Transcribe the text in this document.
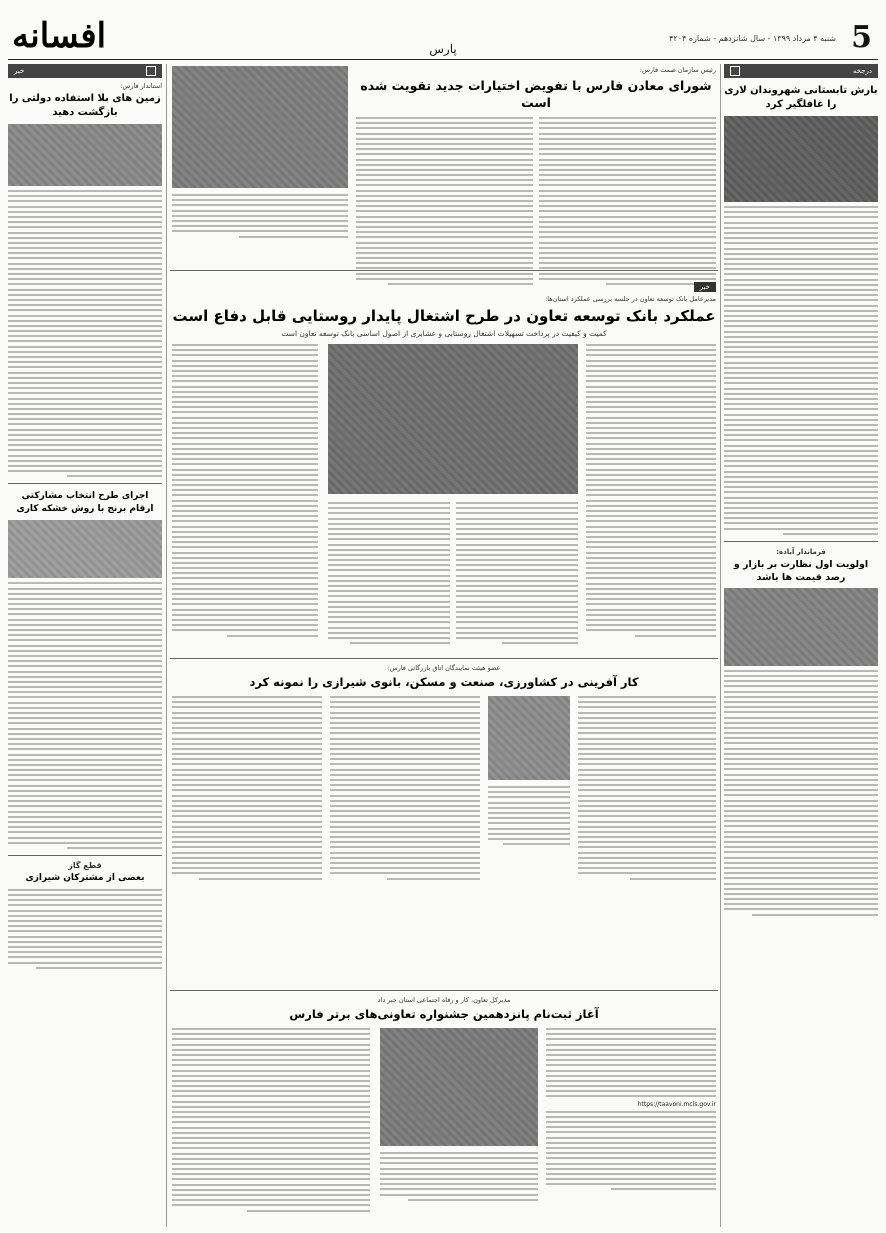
5
شنبه ۴ مرداد ۱۳۹۹ - سال شانزدهم - شماره ۴۲۰۴
پارس
افسانه
خبر
استاندار فارس:
زمین های بلا استفاده دولتی را بازگشت دهید
اجرای طرح انتخاب مشارکتی ارقام برنج با روش خشکه کاری
قطع گاز
بعضی از مشترکان شیرازی
رئیس سازمان صمت فارس:
شورای معادن فارس با تفویض اختیارات جدید تقویت شده است
خبر
مدیرعامل بانک توسعه تعاون در جلسه بررسی عملکرد استان‌ها:
عملکرد بانک توسعه تعاون در طرح اشتغال پایدار روستایی قابل دفاع است
کمیت و کیفیت در پرداخت تسهیلات اشتغال روستایی و عشایری از اصول اساسی بانک توسعه تعاون است
عضو هیئت نمایندگان اتاق بازرگانی فارس:
کار آفرینی در کشاورزی، صنعت و مسکن، بانوی شیرازی را نمونه کرد
مدیرکل تعاون، کار و رفاه اجتماعی استان خبر داد
آغاز ثبت‌نام پانزدهمین جشنواره تعاونی‌های برتر فارس
https://taavoni.mcls.gov.ir
درجخه
بارش تابستانی شهروندان لاری را غافلگیر کرد
فرماندار آباده:
اولویت اول نظارت بر بازار و رصد قیمت ها باشد
